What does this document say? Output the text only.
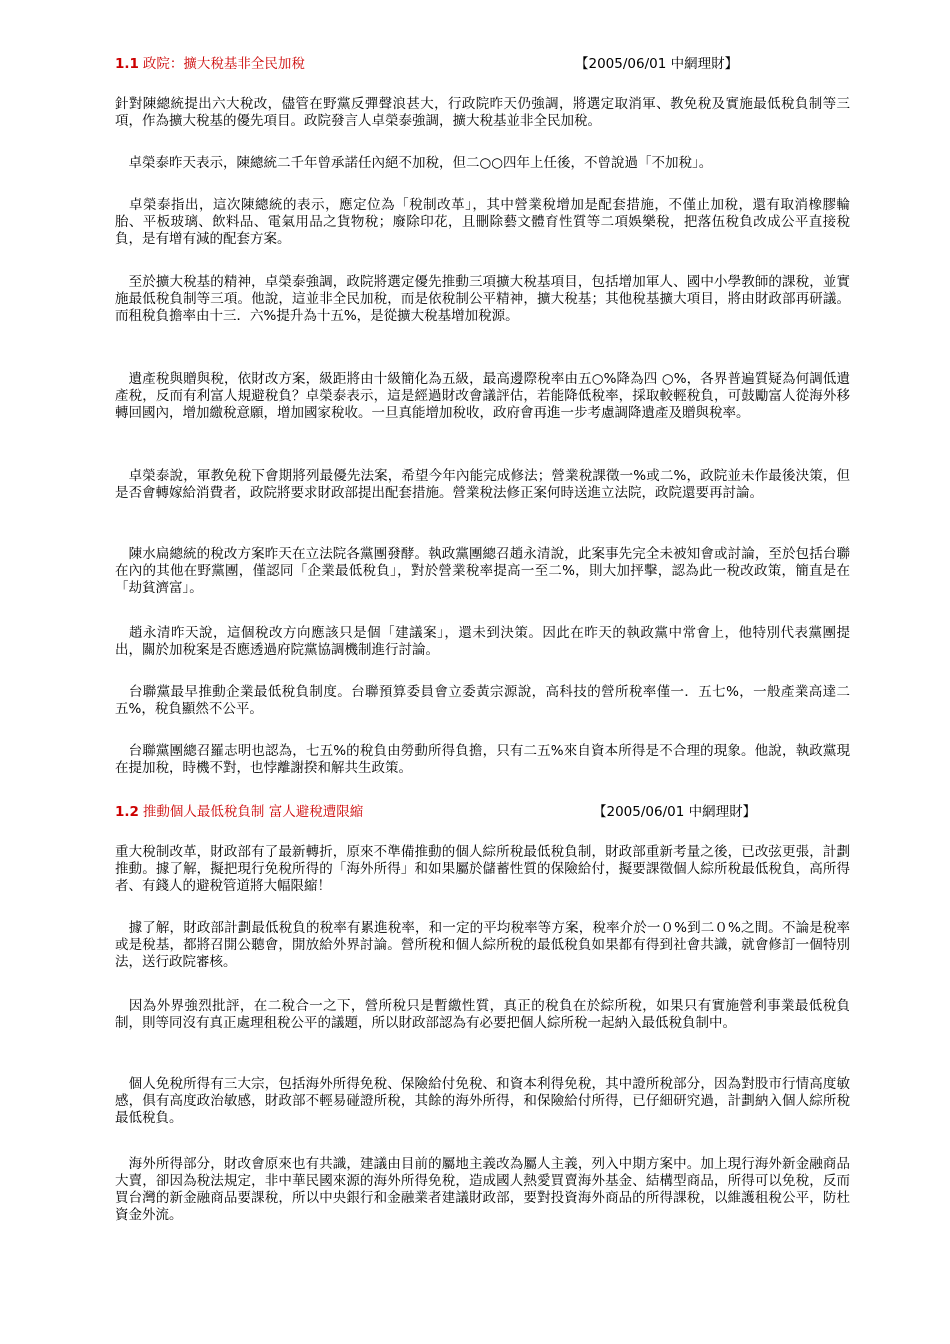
1.1 政院：擴大稅基非全民加稅	【2005/06/01 中網理財】

針對陳總統提出六大稅改，儘管在野黨反彈聲浪甚大，行政院昨天仍強調，將選定取消軍、教免稅及實施最低稅負制等三項，作為擴大稅基的優先項目。政院發言人卓榮泰強調，擴大稅基並非全民加稅。

　卓榮泰昨天表示，陳總統二千年曾承諾任內絕不加稅，但二○○四年上任後，不曾說過「不加稅」。

　卓榮泰指出，這次陳總統的表示，應定位為「稅制改革」，其中營業稅增加是配套措施，不僅止加稅，還有取消橡膠輪胎、平板玻璃、飲料品、電氣用品之貨物稅；廢除印花，且刪除藝文體育性質等二項娛樂稅，把落伍稅負改成公平直接稅負，是有增有減的配套方案。

　至於擴大稅基的精神，卓榮泰強調，政院將選定優先推動三項擴大稅基項目，包括增加軍人、國中小學教師的課稅，並實施最低稅負制等三項。他說，這並非全民加稅，而是依稅制公平精神，擴大稅基；其他稅基擴大項目，將由財政部再研議。而租稅負擔率由十三．六%提升為十五%，是從擴大稅基增加稅源。

　遺產稅與贈與稅，依財改方案，級距將由十級簡化為五級，最高邊際稅率由五○%降為四 ○%，各界普遍質疑為何調低遺產稅，反而有利富人規避稅負？卓榮泰表示，這是經過財改會議評估，若能降低稅率，採取較輕稅負，可鼓勵富人從海外移轉回國內，增加繳稅意願，增加國家稅收。一旦真能增加稅收，政府會再進一步考慮調降遺產及贈與稅率。

　卓榮泰說，軍教免稅下會期將列最優先法案，希望今年內能完成修法；營業稅課徵一%或二%，政院並未作最後決策，但是否會轉嫁給消費者，政院將要求財政部提出配套措施。營業稅法修正案何時送進立法院，政院還要再討論。

　陳水扁總統的稅改方案昨天在立法院各黨團發酵。執政黨團總召趙永清說，此案事先完全未被知會或討論，至於包括台聯在內的其他在野黨團，僅認同「企業最低稅負」，對於營業稅率提高一至二%，則大加抨擊，認為此一稅改政策，簡直是在「劫貧濟富」。

　趙永清昨天說，這個稅改方向應該只是個「建議案」，還未到決策。因此在昨天的執政黨中常會上，他特別代表黨團提出，關於加稅案是否應透過府院黨協調機制進行討論。

　台聯黨最早推動企業最低稅負制度。台聯預算委員會立委黃宗源說，高科技的營所稅率僅一．五七%，一般產業高達二五%，稅負顯然不公平。

　台聯黨團總召羅志明也認為，七五%的稅負由勞動所得負擔，只有二五%來自資本所得是不合理的現象。他說，執政黨現在提加稅，時機不對，也悖離謝揆和解共生政策。

1.2 推動個人最低稅負制 富人避稅遭限縮	【2005/06/01 中網理財】

重大稅制改革，財政部有了最新轉折，原來不準備推動的個人綜所稅最低稅負制，財政部重新考量之後，已改弦更張，計劃推動。據了解，擬把現行免稅所得的「海外所得」和如果屬於儲蓄性質的保險給付，擬要課徵個人綜所稅最低稅負，高所得者、有錢人的避稅管道將大幅限縮！

　據了解，財政部計劃最低稅負的稅率有累進稅率，和一定的平均稅率等方案，稅率介於一０%到二０%之間。不論是稅率或是稅基，都將召開公聽會，開放給外界討論。營所稅和個人綜所稅的最低稅負如果都有得到社會共識，就會修訂一個特別法，送行政院審核。

　因為外界強烈批評，在二稅合一之下，營所稅只是暫繳性質，真正的稅負在於綜所稅，如果只有實施營利事業最低稅負制，則等同沒有真正處理租稅公平的議題，所以財政部認為有必要把個人綜所稅一起納入最低稅負制中。

　個人免稅所得有三大宗，包括海外所得免稅、保險給付免稅、和資本利得免稅，其中證所稅部分，因為對股市行情高度敏感，俱有高度政治敏感，財政部不輕易碰證所稅，其餘的海外所得，和保險給付所得，已仔細研究過，計劃納入個人綜所稅最低稅負。

　海外所得部分，財改會原來也有共識，建議由目前的屬地主義改為屬人主義，列入中期方案中。加上現行海外新金融商品大賣，卻因為稅法規定，非中華民國來源的海外所得免稅，造成國人熱愛買賣海外基金、結構型商品，所得可以免稅，反而買台灣的新金融商品要課稅，所以中央銀行和金融業者建議財政部，要對投資海外商品的所得課稅，以維護租稅公平，防杜資金外流。
